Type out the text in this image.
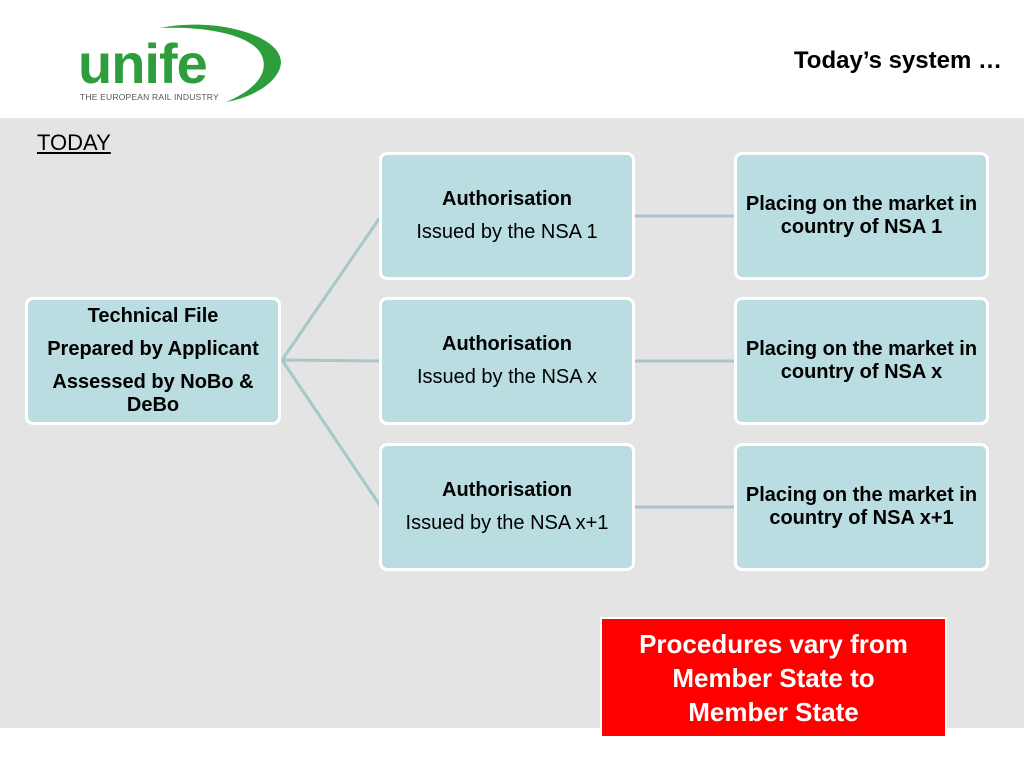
unife
THE EUROPEAN RAIL INDUSTRY
Today’s system …
TODAY
Technical File
Prepared by Applicant
Assessed by NoBo & DeBo
Authorisation
Issued by the NSA 1
Authorisation
Issued by the NSA x
Authorisation
Issued by the NSA x+1
Placing on the market in country of NSA 1
Placing on the market in country of NSA x
Placing on the market in country of NSA x+1
Procedures vary from Member State to Member State
